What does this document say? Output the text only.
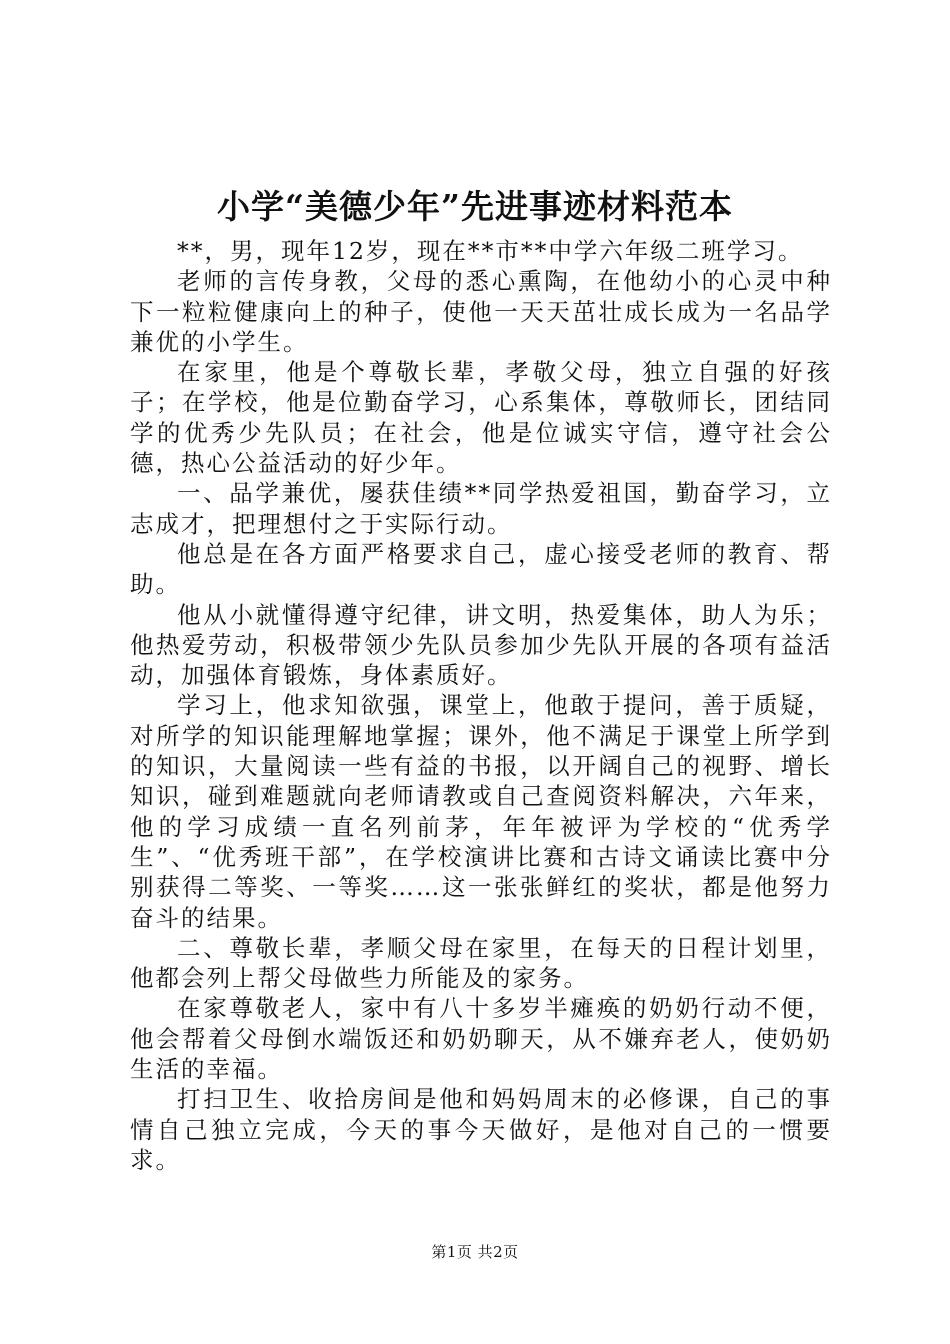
小学“美德少年”先进事迹材料范本

**，男，现年12岁，现在**市**中学六年级二班学习。

老师的言传身教，父母的悉心熏陶，在他幼小的心灵中种下一粒粒健康向上的种子，使他一天天茁壮成长成为一名品学兼优的小学生。

在家里，他是个尊敬长辈，孝敬父母，独立自强的好孩子；在学校，他是位勤奋学习，心系集体，尊敬师长，团结同学的优秀少先队员；在社会，他是位诚实守信，遵守社会公德，热心公益活动的好少年。

一、品学兼优，屡获佳绩**同学热爱祖国，勤奋学习，立志成才，把理想付之于实际行动。

他总是在各方面严格要求自己，虚心接受老师的教育、帮助。

他从小就懂得遵守纪律，讲文明，热爱集体，助人为乐；他热爱劳动，积极带领少先队员参加少先队开展的各项有益活动，加强体育锻炼，身体素质好。

学习上，他求知欲强，课堂上，他敢于提问，善于质疑，对所学的知识能理解地掌握；课外，他不满足于课堂上所学到的知识，大量阅读一些有益的书报，以开阔自己的视野、增长知识，碰到难题就向老师请教或自己查阅资料解决，六年来，他的学习成绩一直名列前茅，年年被评为学校的“优秀学生”、“优秀班干部”，在学校演讲比赛和古诗文诵读比赛中分别获得二等奖、一等奖……这一张张鲜红的奖状，都是他努力奋斗的结果。

二、尊敬长辈，孝顺父母在家里，在每天的日程计划里，他都会列上帮父母做些力所能及的家务。

在家尊敬老人，家中有八十多岁半瘫痪的奶奶行动不便，他会帮着父母倒水端饭还和奶奶聊天，从不嫌弃老人，使奶奶生活的幸福。

打扫卫生、收拾房间是他和妈妈周末的必修课，自己的事情自己独立完成，今天的事今天做好，是他对自己的一惯要求。

第1页 共2页
